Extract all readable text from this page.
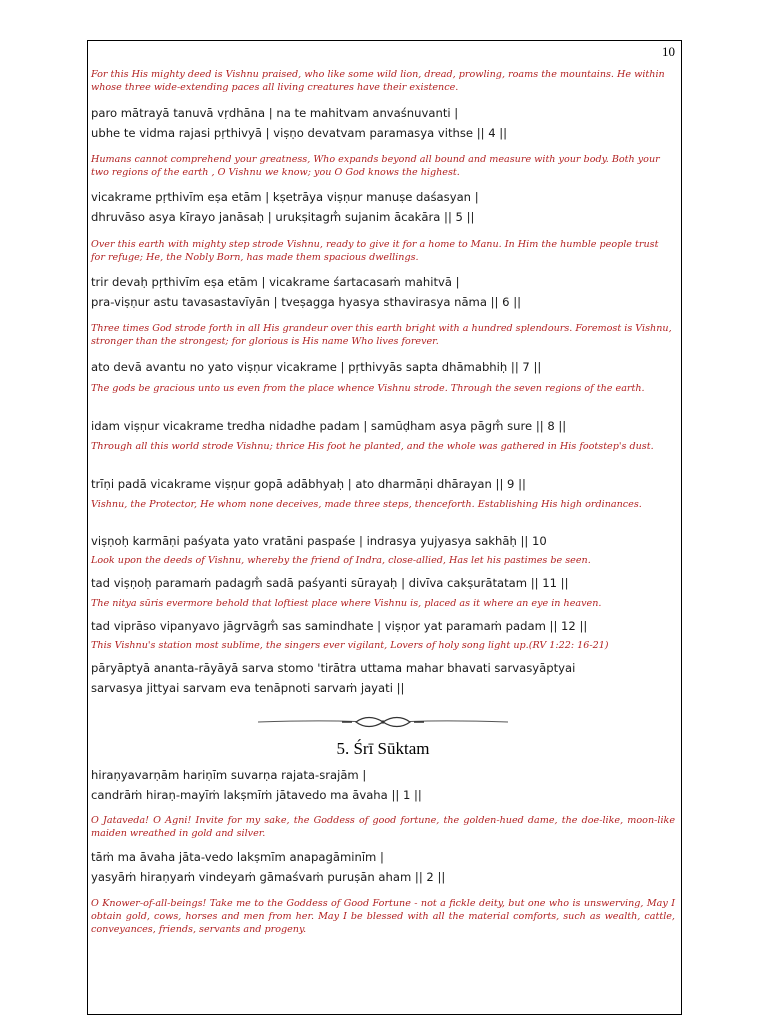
10

For this His mighty deed is Vishnu praised, who like some wild lion, dread, prowling, roams the mountains. He within whose three wide-extending paces all living creatures have their existence.

paro mātrayā tanuvā vṛdhāna | na te mahitvam anvaśnuvanti |
ubhe te vidma rajasi pṛthivyā | viṣṇo devatvam paramasya vithse || 4 ||

Humans cannot comprehend your greatness, Who expands beyond all bound and measure with your body. Both your two regions of the earth , O Vishnu we know; you O God knows the highest.

vicakrame pṛthivīm eṣa etām | kṣetrāya viṣṇur manuṣe daśasyan |
dhruvāso asya kīrayo janāsaḥ | urukṣitagm̐ sujanim ācakāra || 5 ||

Over this earth with mighty step strode Vishnu, ready to give it for a home to Manu. In Him the humble people trust for refuge; He, the Nobly Born, has made them spacious dwellings.

trir devaḥ pṛthivīm eṣa etām | vicakrame śartacasaṁ mahitvā |
pra-viṣṇur astu tavasastavīyān | tveṣagga hyasya sthavirasya nāma || 6 ||

Three times God strode forth in all His grandeur over this earth bright with a hundred splendours. Foremost is Vishnu, stronger than the strongest; for glorious is His name Who lives forever.

ato devā avantu no yato viṣṇur vicakrame | pṛthivyās sapta dhāmabhiḥ || 7 ||

The gods be gracious unto us even from the place whence Vishnu strode. Through the seven regions of the earth.

idam viṣṇur vicakrame tredha nidadhe padam | samūḍham asya pāgm̐ sure || 8 ||

Through all this world strode Vishnu; thrice His foot he planted, and the whole was gathered in His footstep's dust.

trīṇi padā vicakrame viṣṇur gopā adābhyaḥ | ato dharmāṇi dhārayan || 9 ||

Vishnu, the Protector, He whom none deceives, made three steps, thenceforth. Establishing His high ordinances.

viṣṇoḥ karmāṇi paśyata yato vratāni paspaśe | indrasya yujyasya sakhāḥ || 10

Look upon the deeds of Vishnu, whereby the friend of Indra, close-allied, Has let his pastimes be seen.

tad viṣṇoḥ paramaṁ padagm̐ sadā paśyanti sūrayaḥ | divīva cakṣurātatam || 11 ||

The nitya sūris evermore behold that loftiest place where Vishnu is, placed as it where an eye in heaven.

tad viprāso vipanyavo jāgrvāgm̐ sas samindhate | viṣṇor yat paramaṁ padam || 12 ||

This Vishnu's station most sublime, the singers ever vigilant, Lovers of holy song light up.(RV 1:22: 16-21)

pāryāptyā ananta-rāyāyā sarva stomo 'tirātra uttama mahar bhavati sarvasyāptyai
sarvasya jittyai sarvam eva tenāpnoti sarvaṁ jayati ||
5. Śrī Sūktam
hiraṇyavarṇām hariṇīm suvarṇa rajata-srajām |
candrāṁ hiraṇ-mayīṁ lakṣmīṁ jātavedo ma āvaha || 1 ||

O Jataveda! O Agni! Invite for my sake, the Goddess of good fortune, the golden-hued dame, the doe-like, moon-like maiden wreathed in gold and silver.

tāṁ ma āvaha jāta-vedo lakṣmīm anapagāminīm |
yasyāṁ hiraṇyaṁ vindeyaṁ gāmaśvaṁ puruṣān aham || 2 ||

O Knower-of-all-beings! Take me to the Goddess of Good Fortune - not a fickle deity, but one who is unswerving, May I obtain gold, cows, horses and men from her. May I be blessed with all the material comforts, such as wealth, cattle, conveyances, friends, servants and progeny.
